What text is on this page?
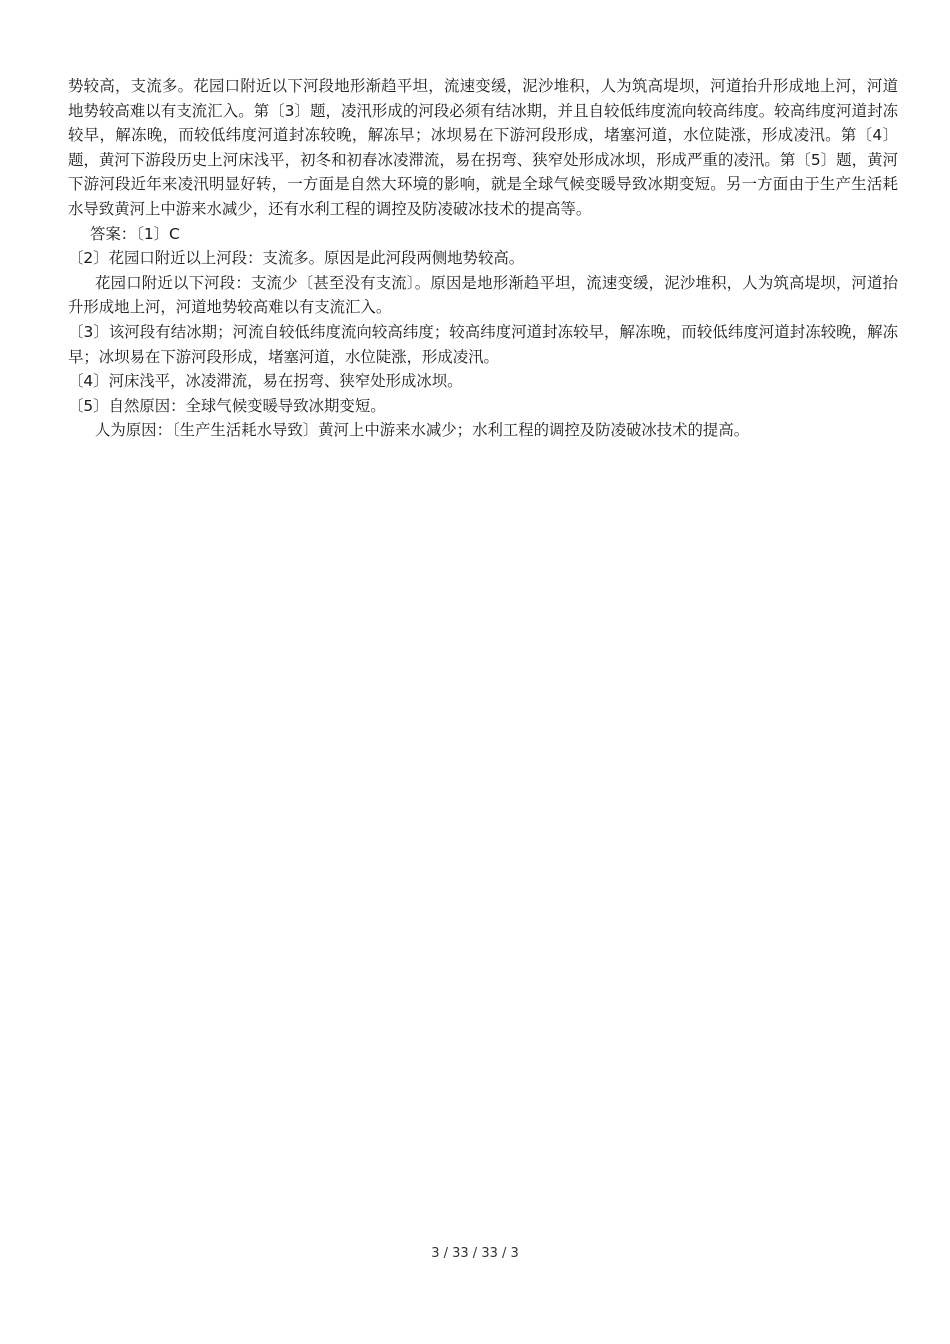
势较高，支流多。花园口附近以下河段地形渐趋平坦，流速变缓，泥沙堆积，人为筑高堤坝，河道抬升形成地上河，河道地势较高难以有支流汇入。第〔3〕题，凌汛形成的河段必须有结冰期，并且自较低纬度流向较高纬度。较高纬度河道封冻较早，解冻晚，而较低纬度河道封冻较晚，解冻早；冰坝易在下游河段形成，堵塞河道，水位陡涨，形成凌汛。第〔4〕题，黄河下游段历史上河床浅平，初冬和初春冰凌滞流，易在拐弯、狭窄处形成冰坝，形成严重的凌汛。第〔5〕题，黄河下游河段近年来凌汛明显好转，一方面是自然大环境的影响，就是全球气候变暖导致冰期变短。另一方面由于生产生活耗水导致黄河上中游来水减少，还有水利工程的调控及防凌破冰技术的提高等。

答案：〔1〕C

〔2〕花园口附近以上河段：支流多。原因是此河段两侧地势较高。

花园口附近以下河段：支流少〔甚至没有支流〕。原因是地形渐趋平坦，流速变缓，泥沙堆积，人为筑高堤坝，河道抬升形成地上河，河道地势较高难以有支流汇入。

〔3〕该河段有结冰期；河流自较低纬度流向较高纬度；较高纬度河道封冻较早，解冻晚，而较低纬度河道封冻较晚，解冻早；冰坝易在下游河段形成，堵塞河道，水位陡涨，形成凌汛。

〔4〕河床浅平，冰凌滞流，易在拐弯、狭窄处形成冰坝。

〔5〕自然原因：全球气候变暖导致冰期变短。

人为原因：〔生产生活耗水导致〕黄河上中游来水减少；水利工程的调控及防凌破冰技术的提高。

3 / 33 / 33 / 3
